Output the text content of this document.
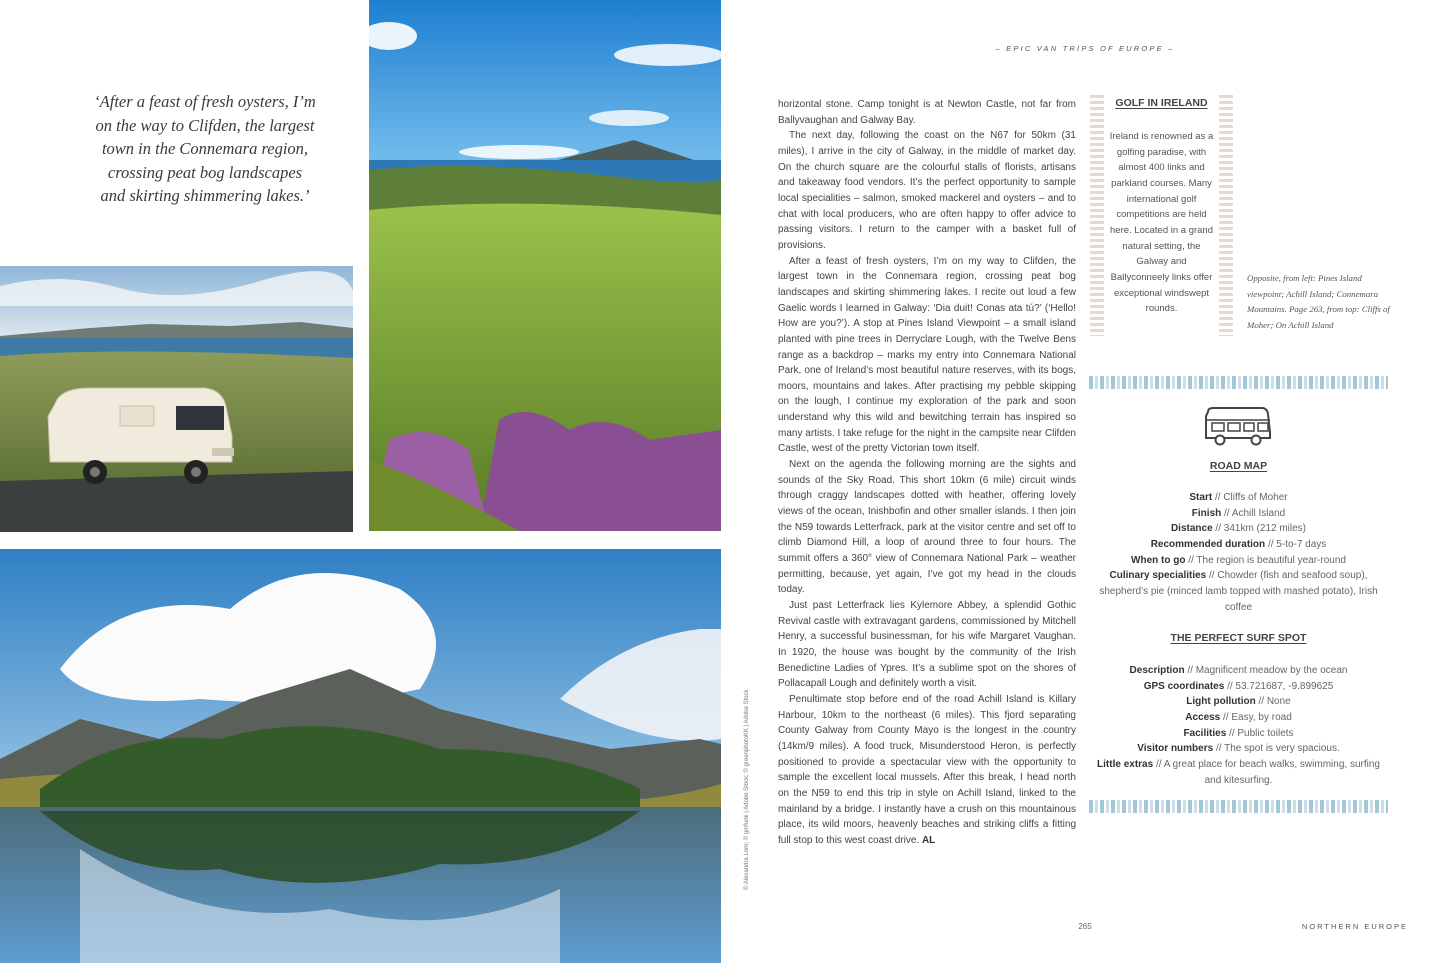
‘After a feast of fresh oysters, I’m
on the way to Clifden, the largest
town in the Connemara region,
crossing peat bog landscapes
and skirting shimmering lakes.’
© Alexandra Lorn; © gmfunk | Adobe Stock; © greenphotoKK | Adobe Stock
– EPIC VAN TRIPS OF EUROPE –

horizontal stone. Camp tonight is at Newton Castle, not far from Ballyvaughan and Galway Bay.

The next day, following the coast on the N67 for 50km (31 miles), I arrive in the city of Galway, in the middle of market day. On the church square are the colourful stalls of florists, artisans and takeaway food vendors. It’s the perfect opportunity to sample local specialities – salmon, smoked mackerel and oysters – and to chat with local producers, who are often happy to offer advice to passing visitors. I return to the camper with a basket full of provisions.

After a feast of fresh oysters, I’m on my way to Clifden, the largest town in the Connemara region, crossing peat bog landscapes and skirting shimmering lakes. I recite out loud a few Gaelic words I learned in Galway: ‘Dia duit! Conas ata tú?’ (‘Hello! How are you?’). A stop at Pines Island Viewpoint – a small island planted with pine trees in Derryclare Lough, with the Twelve Bens range as a backdrop – marks my entry into Connemara National Park, one of Ireland’s most beautiful nature reserves, with its bogs, moors, mountains and lakes. After practising my pebble skipping on the lough, I continue my exploration of the park and soon understand why this wild and bewitching terrain has inspired so many artists. I take refuge for the night in the campsite near Clifden Castle, west of the pretty Victorian town itself.

Next on the agenda the following morning are the sights and sounds of the Sky Road. This short 10km (6 mile) circuit winds through craggy landscapes dotted with heather, offering lovely views of the ocean, Inishbofin and other smaller islands. I then join the N59 towards Letterfrack, park at the visitor centre and set off to climb Diamond Hill, a loop of around three to four hours. The summit offers a 360° view of Connemara National Park – weather permitting, because, yet again, I’ve got my head in the clouds today.

Just past Letterfrack lies Kylemore Abbey, a splendid Gothic Revival castle with extravagant gardens, commissioned by Mitchell Henry, a successful businessman, for his wife Margaret Vaughan. In 1920, the house was bought by the community of the Irish Benedictine Ladies of Ypres. It’s a sublime spot on the shores of Pollacapall Lough and definitely worth a visit.

Penultimate stop before end of the road Achill Island is Killary Harbour, 10km to the northeast (6 miles). This fjord separating County Galway from County Mayo is the longest in the country (14km/9 miles). A food truck, Misunderstood Heron, is perfectly positioned to provide a spectacular view with the opportunity to sample the excellent local mussels. After this break, I head north on the N59 to end this trip in style on Achill Island, linked to the mainland by a bridge. I instantly have a crush on this mountainous place, its wild moors, heavenly beaches and striking cliffs a fitting full stop to this west coast drive. AL

GOLF IN IRELAND
Ireland is renowned as a golfing paradise, with almost 400 links and parkland courses. Many international golf competitions are held here. Located in a grand natural setting, the Galway and Ballyconneely links offer exceptional windswept rounds.
Opposite, from left: Pines Island viewpoint; Achill Island; Connemara Mountains. Page 263, from top: Cliffs of Moher; On Achill Island
ROAD MAP
Start // Cliffs of Moher
Finish // Achill Island
Distance // 341km (212 miles)
Recommended duration // 5-to-7 days
When to go // The region is beautiful year-round
Culinary specialities // Chowder (fish and seafood soup), shepherd’s pie (minced lamb topped with mashed potato), Irish coffee
THE PERFECT SURF SPOT
Description // Magnificent meadow by the ocean
GPS coordinates // 53.721687, -9.899625
Light pollution // None
Access // Easy, by road
Facilities // Public toilets
Visitor numbers // The spot is very spacious.
Little extras // A great place for beach walks, swimming, surfing and kitesurfing.
265	NORTHERN EUROPE
